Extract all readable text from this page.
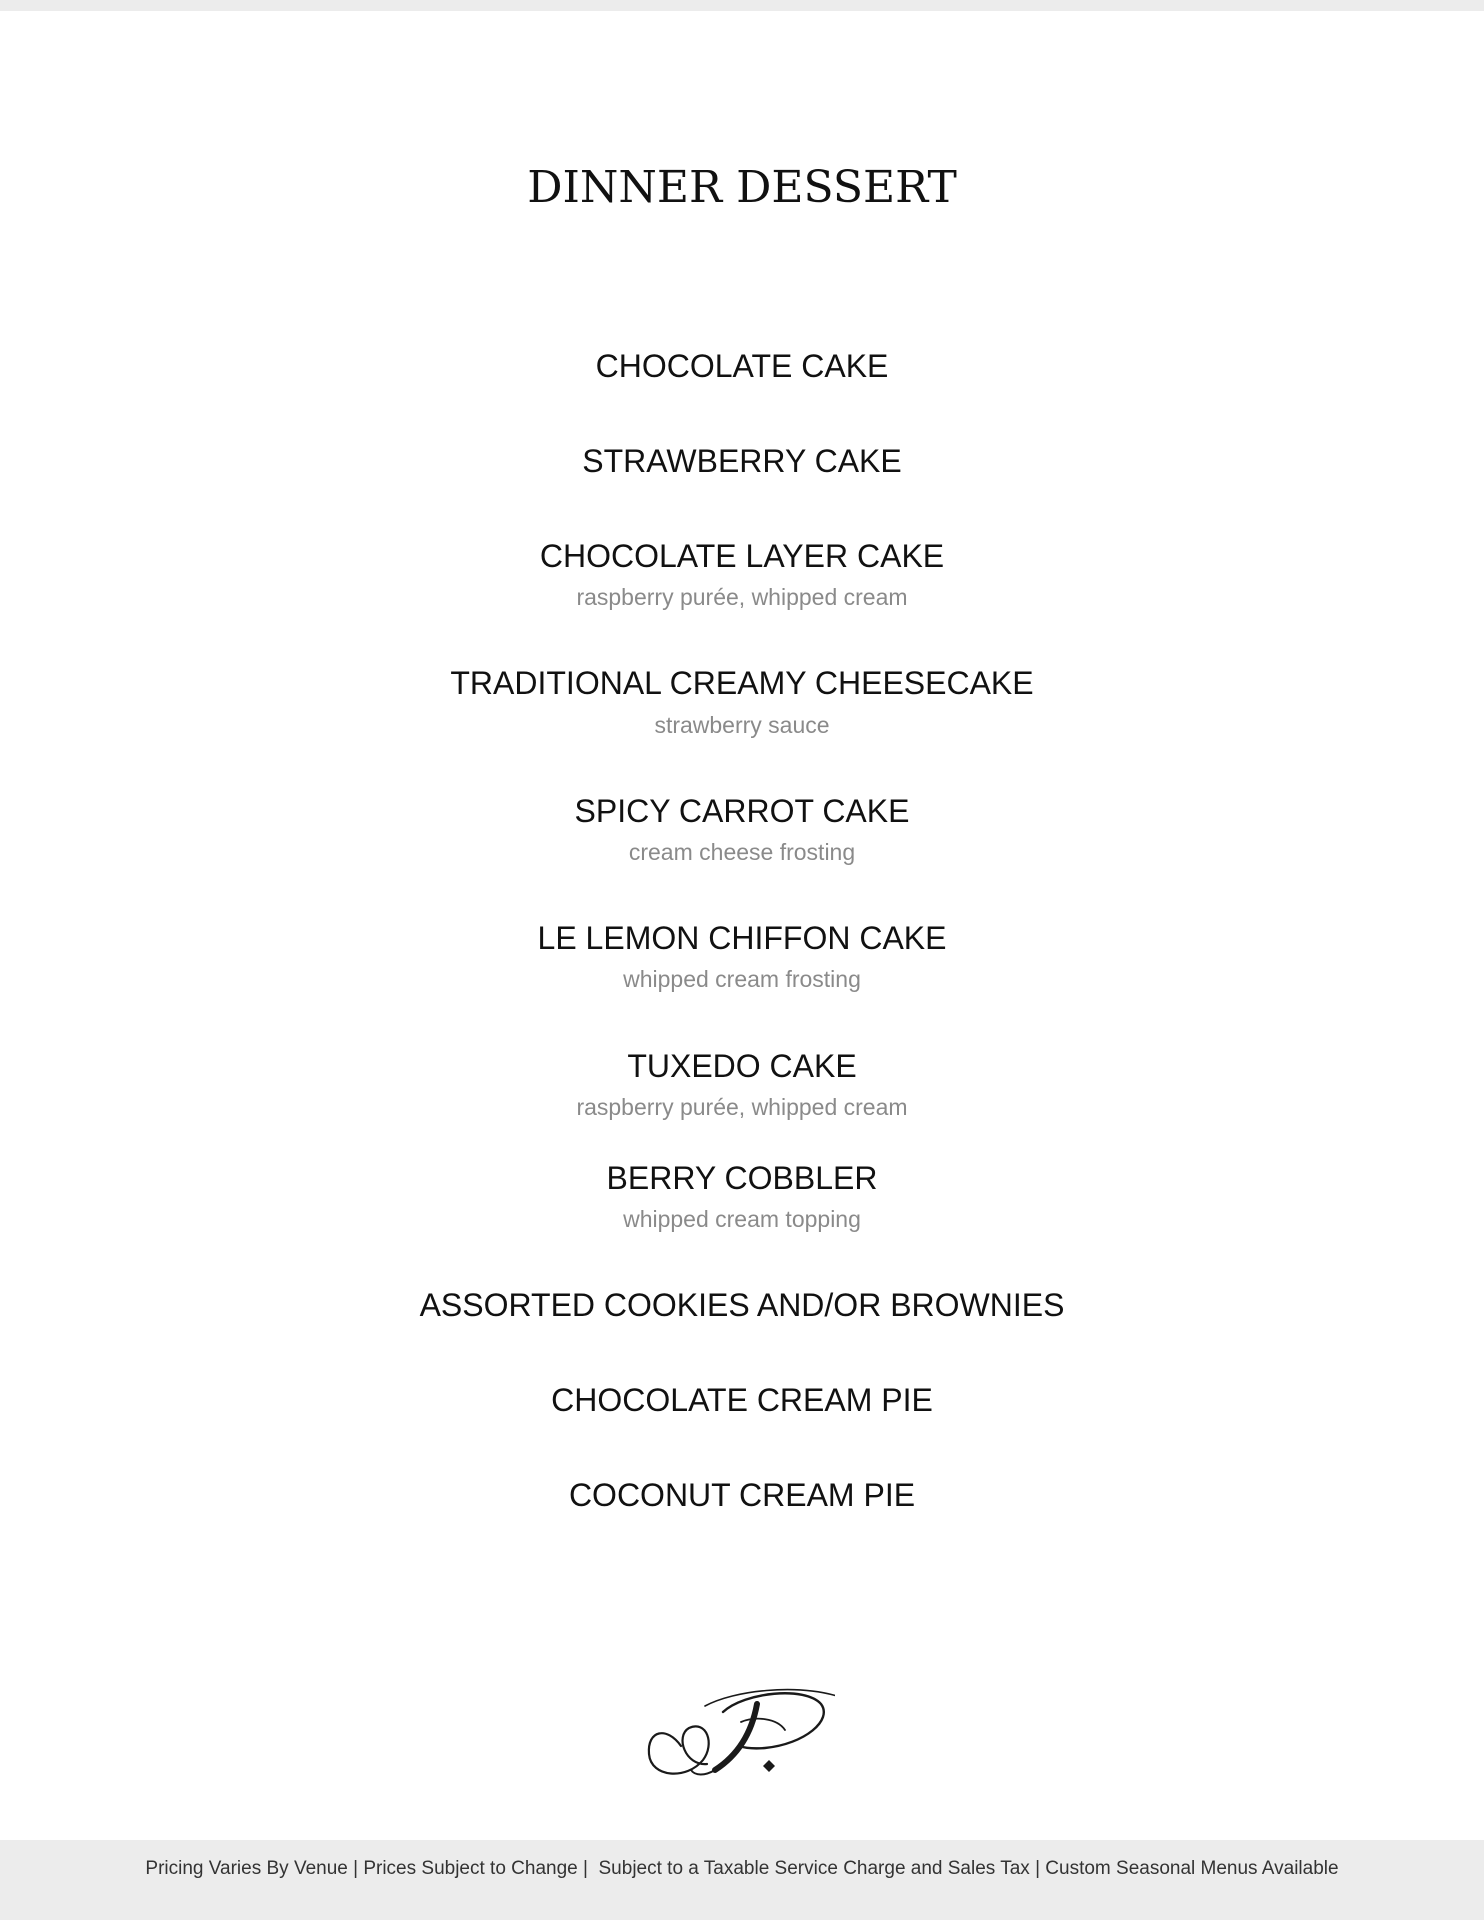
DINNER DESSERT
CHOCOLATE CAKE
STRAWBERRY CAKE
CHOCOLATE LAYER CAKE
raspberry purée, whipped cream
TRADITIONAL CREAMY CHEESECAKE
strawberry sauce
SPICY CARROT CAKE
cream cheese frosting
LE LEMON CHIFFON CAKE
whipped cream frosting
TUXEDO CAKE
raspberry purée, whipped cream
BERRY COBBLER
whipped cream topping
ASSORTED COOKIES AND/OR BROWNIES
CHOCOLATE CREAM PIE
COCONUT CREAM PIE
Pricing Varies By Venue | Prices Subject to Change |  Subject to a Taxable Service Charge and Sales Tax | Custom Seasonal Menus Available
